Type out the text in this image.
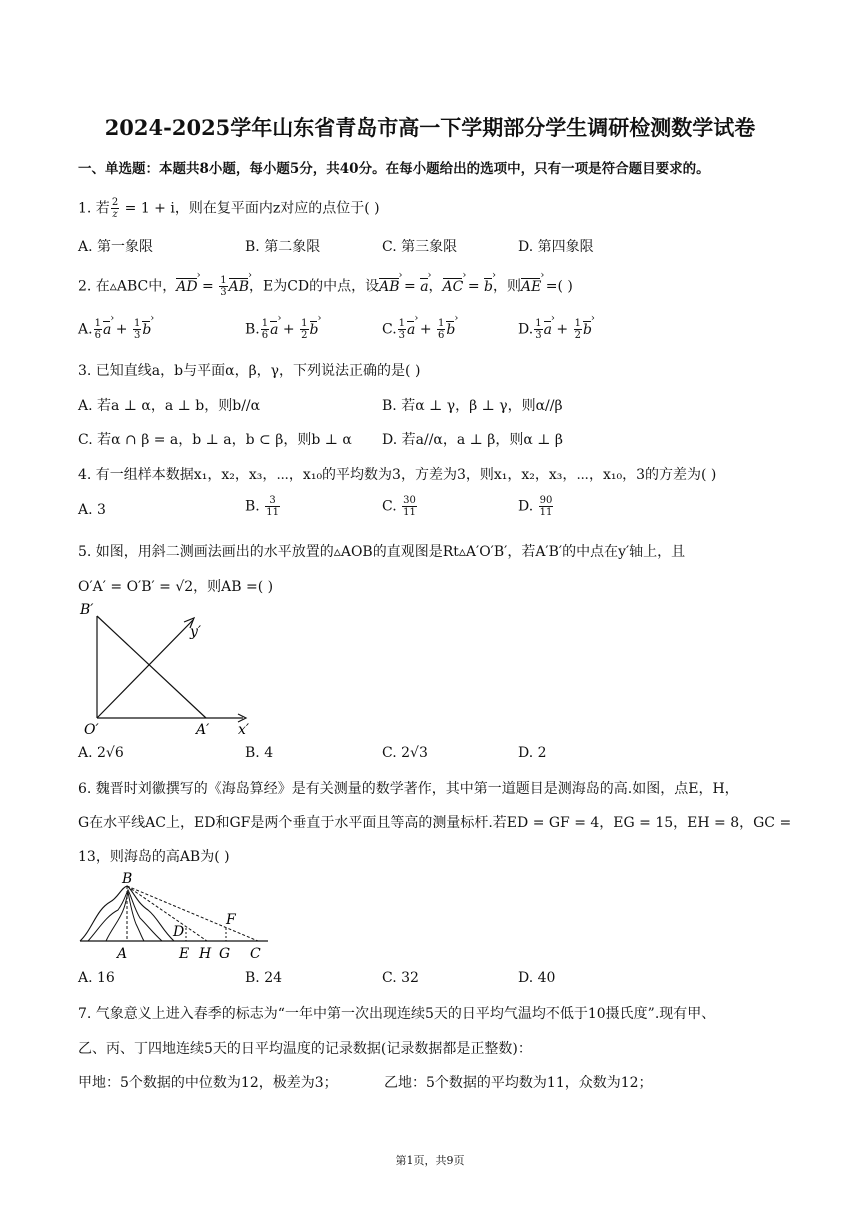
2024-2025学年山东省青岛市高一下学期部分学生调研检测数学试卷
一、单选题：本题共8小题，每小题5分，共40分。在每小题给出的选项中，只有一项是符合题目要求的。
1. 若 $\frac{2}{z} = 1 + i$，则在复平面内z对应的点位于( )
A. 第一象限	B. 第二象限	C. 第三象限	D. 第四象限
2. 在▵ABC中，AD › = $\frac{1}{3}$ AB ›，E为CD的中点，设AB › = a ›，AC › = b ›，则AE › =( )
A. $\frac{1}{6}$ a › + $\frac{1}{3}$ b ›	B. $\frac{1}{6}$ a › + $\frac{1}{2}$ b ›	C. $\frac{1}{3}$ a › + $\frac{1}{6}$ b ›	D. $\frac{1}{3}$ a › + $\frac{1}{2}$ b ›
3. 已知直线a，b与平面α，β，γ，下列说法正确的是( )
A. 若a ⊥ α，a ⊥ b，则b//α	B. 若α ⊥ γ，β ⊥ γ，则α//β
C. 若α ∩ β = a，b ⊥ a，b ⊂ β，则b ⊥ α D. 若a//α，a ⊥ β，则α ⊥ β
4. 有一组样本数据x₁，x₂，x₃，⋯，x₁₀的平均数为3，方差为3，则x₁，x₂，x₃，⋯，x₁₀，3的方差为( )
A. 3	B. $\frac{3}{11}$	C. $\frac{30}{11}$	D. $\frac{90}{11}$
5. 如图，用斜二测画法画出的水平放置的▵AOB的直观图是Rt▵A′O′B′，若A′B′的中点在y′轴上，且
O′A′ = O′B′ = √2，则AB =( )
B′
y′
O′	A′ x′
A. 2√6	B. 4	C. 2√3	D. 2
6. 魏晋时刘徽撰写的《海岛算经》是有关测量的数学著作，其中第一道题目是测海岛的高.如图，点E，H，
G在水平线AC上，ED和GF是两个垂直于水平面且等高的测量标杆.若ED = GF = 4，EG = 15，EH = 8，GC =
13，则海岛的高AB为( )
B
F
D
A	E H G C
A. 16	B. 24	C. 32	D. 40
7. 气象意义上进入春季的标志为“一年中第一次出现连续5天的日平均气温均不低于10摄氏度”.现有甲、
乙、丙、丁四地连续5天的日平均温度的记录数据(记录数据都是正整数)：
甲地：5个数据的中位数为12，极差为3；	乙地：5个数据的平均数为11，众数为12；
第1页，共9页
